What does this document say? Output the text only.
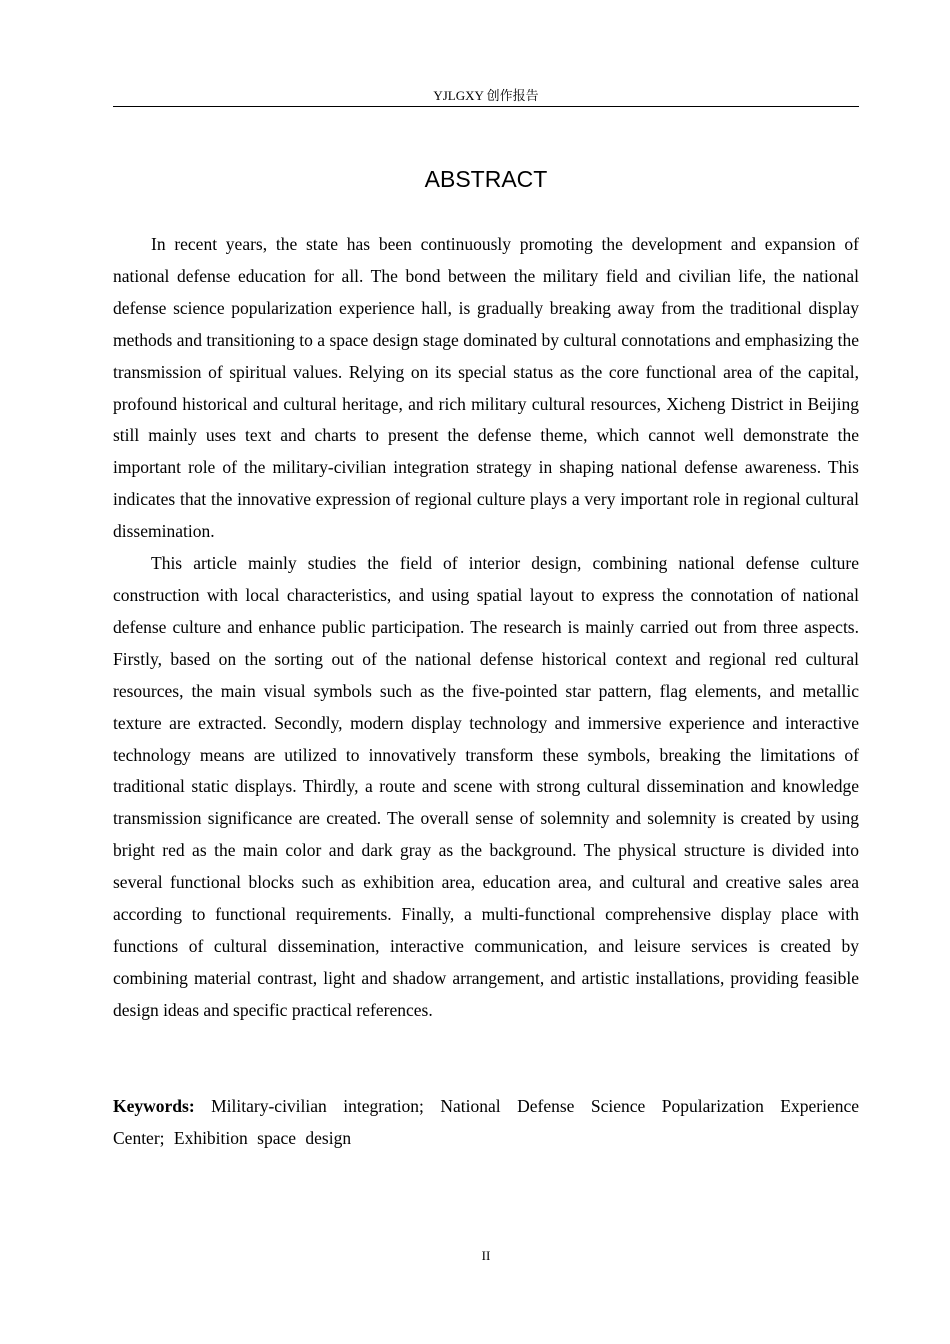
YJLGXY 创作报告
ABSTRACT

In recent years, the state has been continuously promoting the development and expansion of national defense education for all. The bond between the military field and civilian life, the national defense science popularization experience hall, is gradually breaking away from the traditional display methods and transitioning to a space design stage dominated by cultural connotations and emphasizing the transmission of spiritual values. Relying on its special status as the core functional area of the capital, profound historical and cultural heritage, and rich military cultural resources, Xicheng District in Beijing still mainly uses text and charts to present the defense theme, which cannot well demonstrate the important role of the military-civilian integration strategy in shaping national defense awareness. This indicates that the innovative expression of regional culture plays a very important role in regional cultural dissemination.

This article mainly studies the field of interior design, combining national defense culture construction with local characteristics, and using spatial layout to express the connotation of national defense culture and enhance public participation. The research is mainly carried out from three aspects. Firstly, based on the sorting out of the national defense historical context and regional red cultural resources, the main visual symbols such as the five-pointed star pattern, flag elements, and metallic texture are extracted. Secondly, modern display technology and immersive experience and interactive technology means are utilized to innovatively transform these symbols, breaking the limitations of traditional static displays. Thirdly, a route and scene with strong cultural dissemination and knowledge transmission significance are created. The overall sense of solemnity and solemnity is created by using bright red as the main color and dark gray as the background. The physical structure is divided into several functional blocks such as exhibition area, education area, and cultural and creative sales area according to functional requirements. Finally, a multi-functional comprehensive display place with functions of cultural dissemination, interactive communication, and leisure services is created by combining material contrast, light and shadow arrangement, and artistic installations, providing feasible design ideas and specific practical references.

Keywords: Military-civilian integration; National Defense Science Popularization Experience Center; Exhibition space design

II
